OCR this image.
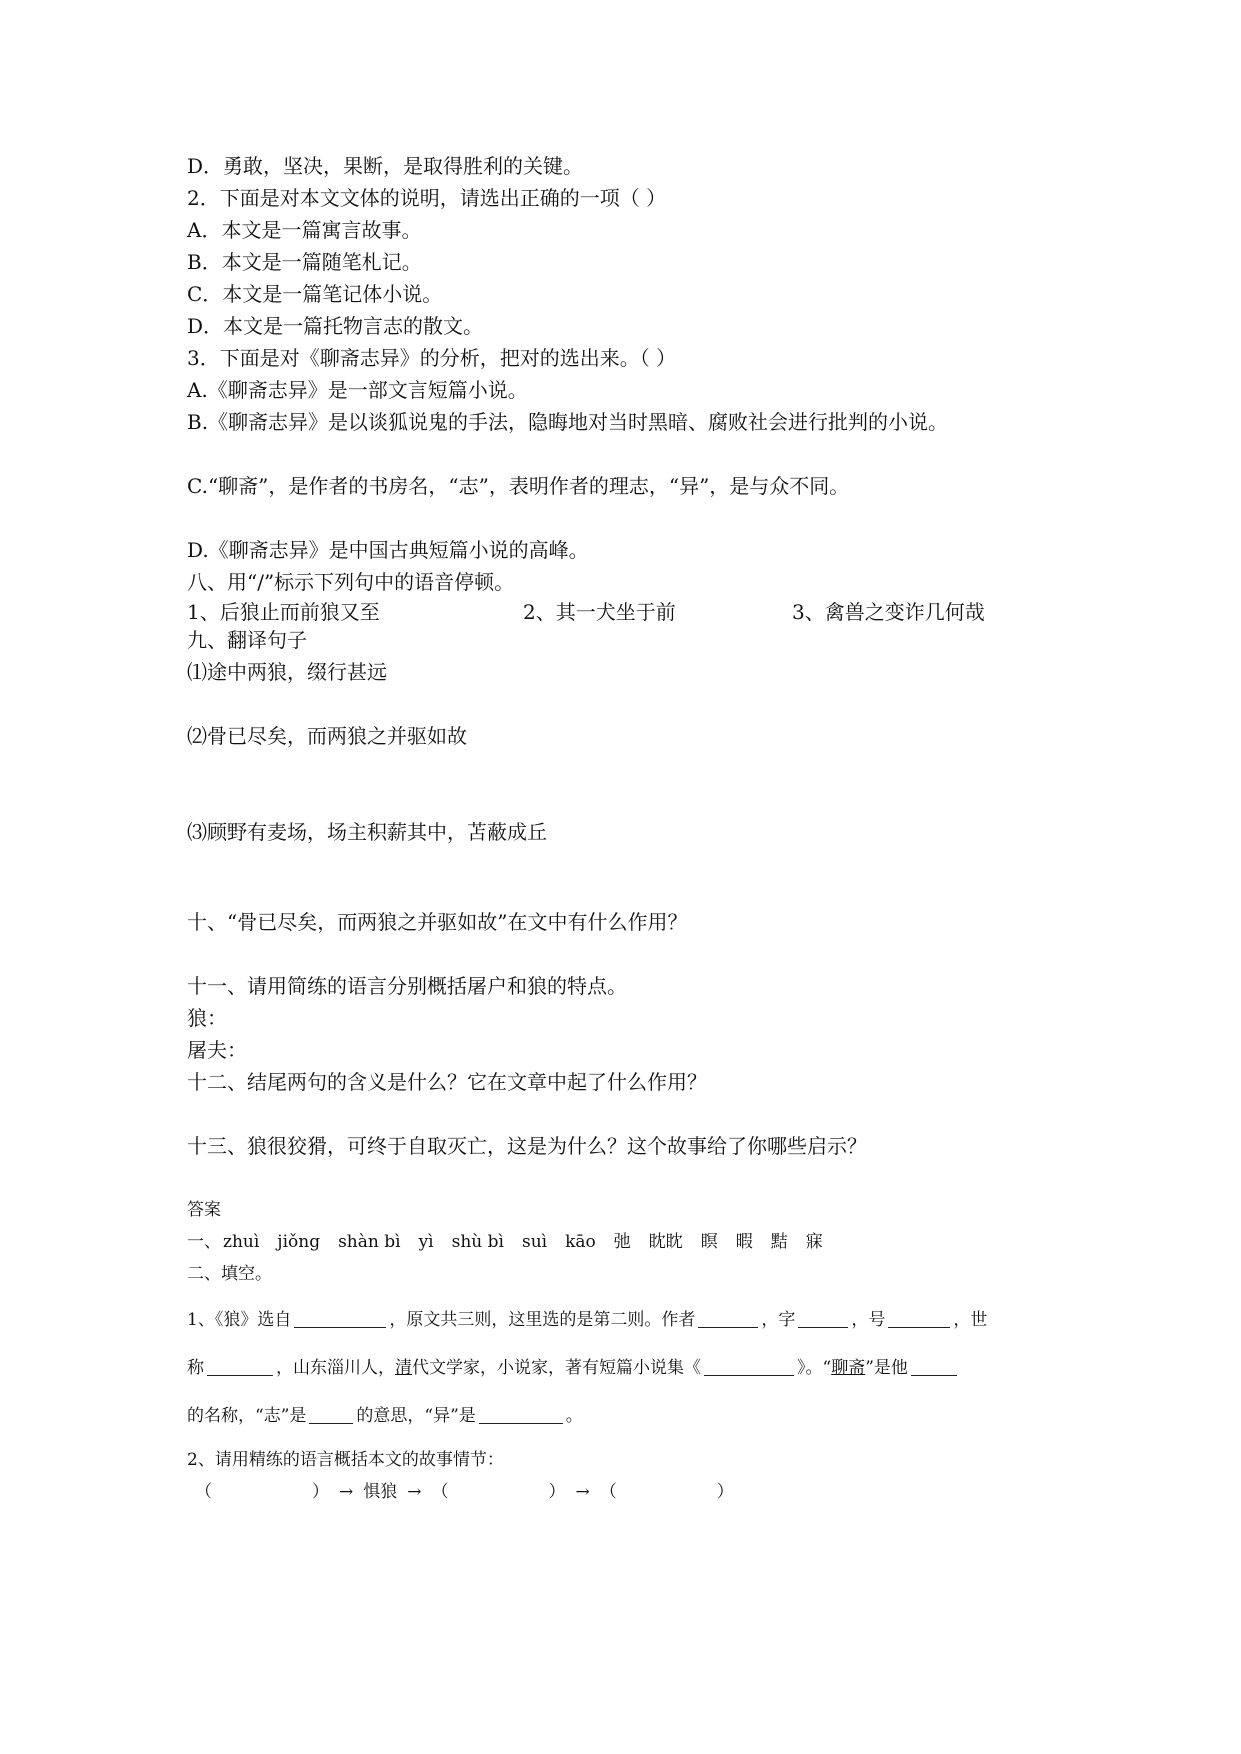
D．勇敢，坚决，果断，是取得胜利的关键。

2．下面是对本文文体的说明，请选出正确的一项（ ）

A．本文是一篇寓言故事。

B．本文是一篇随笔札记。

C．本文是一篇笔记体小说。

D．本文是一篇托物言志的散文。

3．下面是对《聊斋志异》的分析，把对的选出来。（ ）

A.《聊斋志异》是一部文言短篇小说。

B.《聊斋志异》是以谈狐说鬼的手法，隐晦地对当时黑暗、腐败社会进行批判的小说。

C.“聊斋”，是作者的书房名，“志”，表明作者的理志，“异”，是与众不同。

D.《聊斋志异》是中国古典短篇小说的高峰。

八、用“/”标示下列句中的语音停顿。

1、后狼止而前狼又至	2、其一犬坐于前	3、禽兽之变诈几何哉

九、翻译句子

⑴途中两狼，缀行甚远

⑵骨已尽矣，而两狼之并驱如故

⑶顾野有麦场，场主积薪其中，苫蔽成丘

十、“骨已尽矣，而两狼之并驱如故”在文中有什么作用？

十一、请用简练的语言分别概括屠户和狼的特点。

狼：

屠夫：

十二、结尾两句的含义是什么？它在文章中起了什么作用？

十三、狼很狡猾，可终于自取灭亡，这是为什么？这个故事给了你哪些启示？

答案

一、 zhuì jiǒng shàn bì yì shù bì suì kāo 弛 眈眈 瞑 暇 黠 寐

二、填空。

1、《狼》选自	，原文共三则，这里选的是第二则。作者	，字	，号	，世

称	，山东淄川人，清代文学家，小说家，著有短篇小说集《	》。“聊斋”是他

的名称，“志”是	的意思，“异”是	。

2、请用精练的语言概括本文的故事情节：

（	） → 惧狼 → （	） → （	）
